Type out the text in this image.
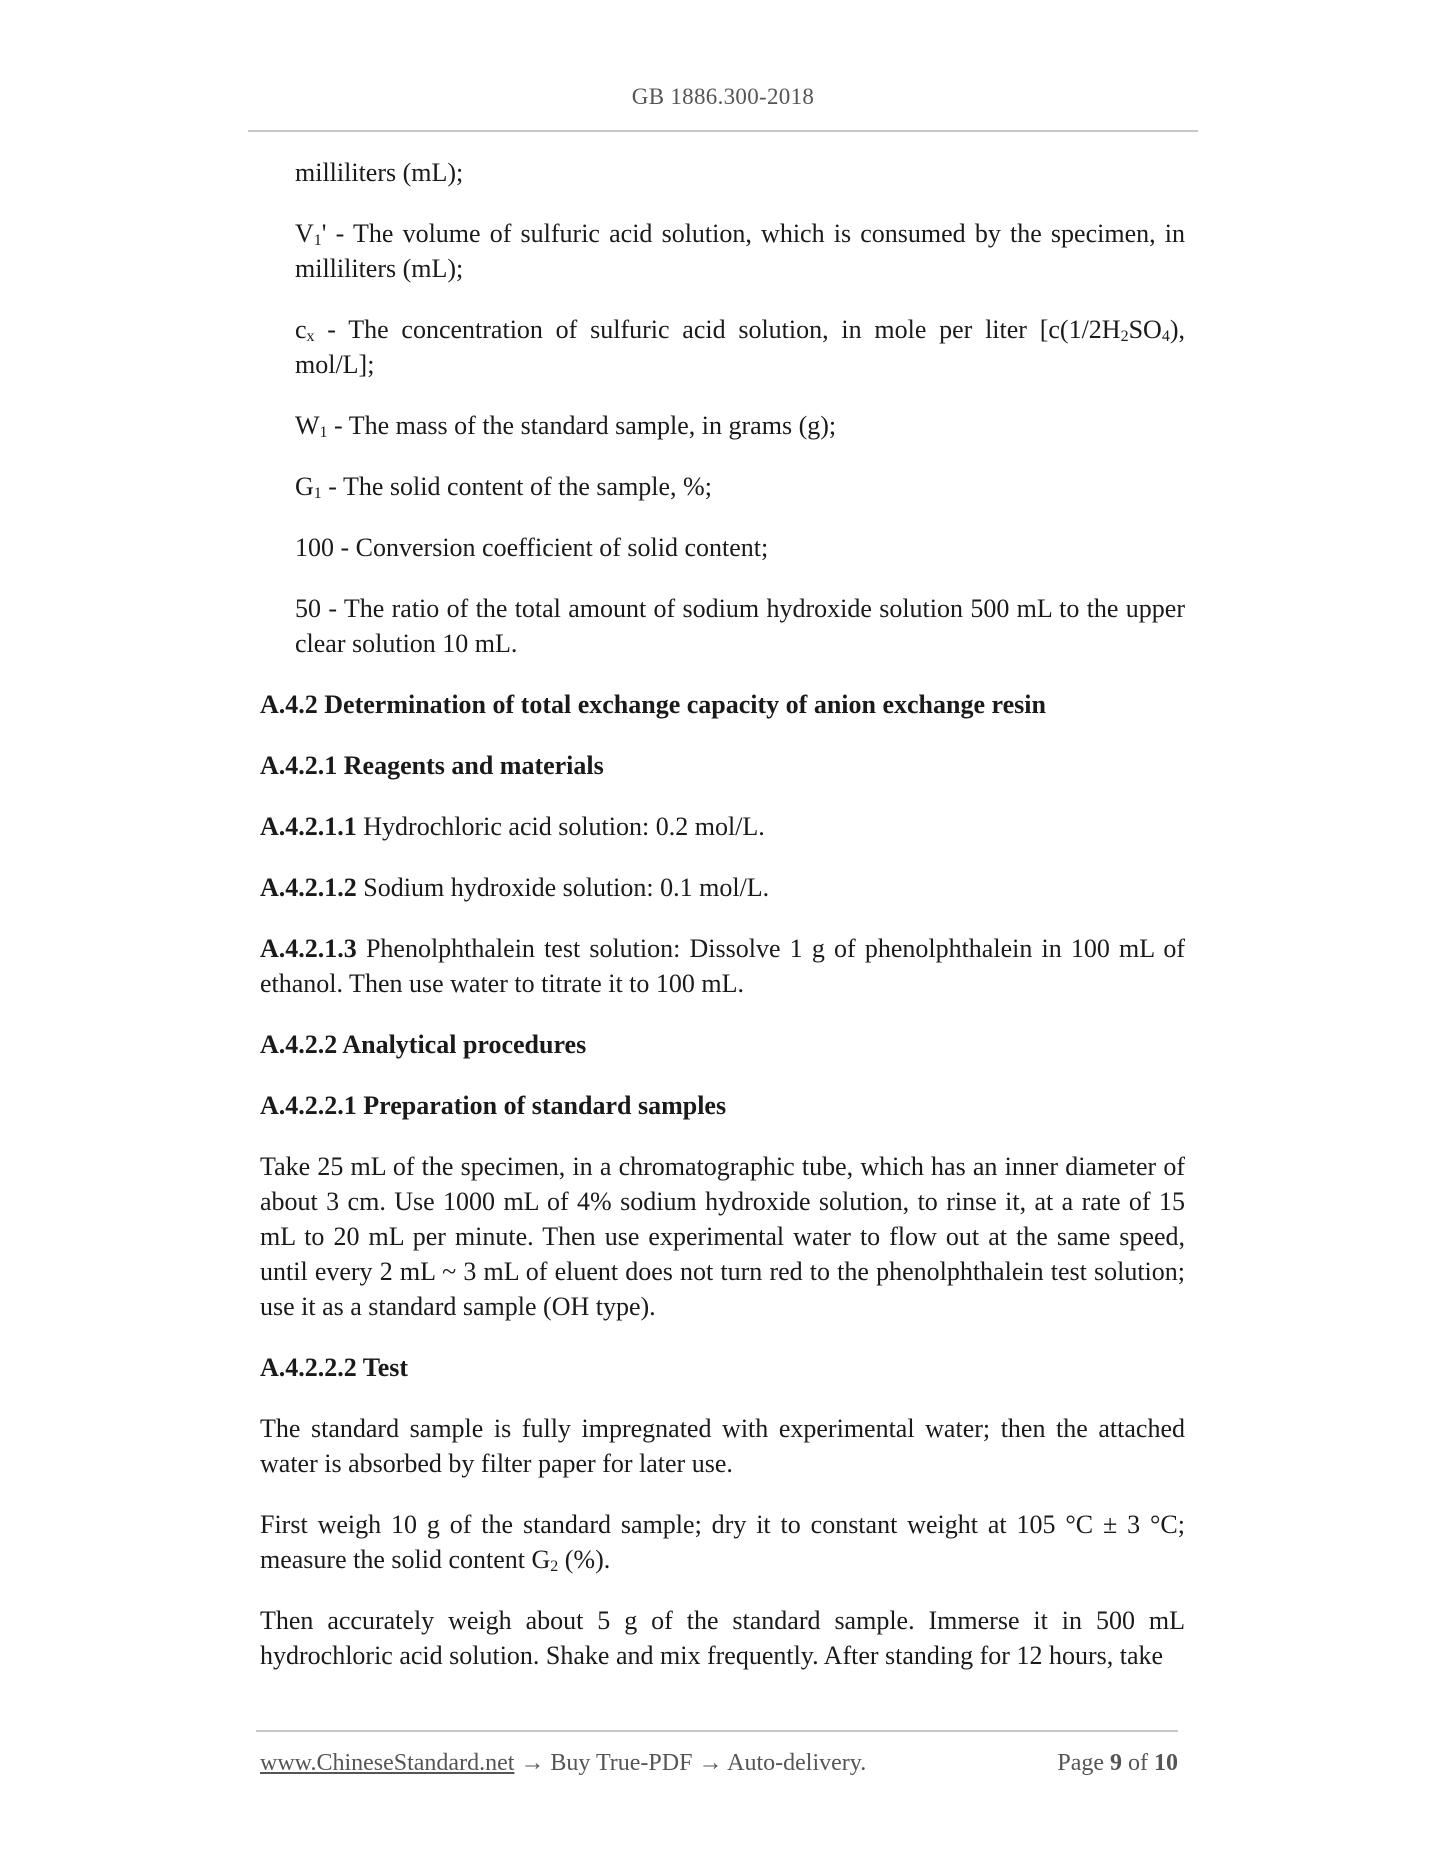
GB 1886.300-2018

milliliters (mL);

$V_1'$ - The volume of sulfuric acid solution, which is consumed by the specimen, in milliliters (mL);

$c_x$ - The concentration of sulfuric acid solution, in mole per liter [$c(1/2H_2SO_4)$, mol/L];

$W_1$ - The mass of the standard sample, in grams (g);

$G_1$ - The solid content of the sample, %;

100 - Conversion coefficient of solid content;

50 - The ratio of the total amount of sodium hydroxide solution 500 mL to the upper clear solution 10 mL.

A.4.2 Determination of total exchange capacity of anion exchange resin

A.4.2.1 Reagents and materials

A.4.2.1.1 Hydrochloric acid solution: 0.2 mol/L.

A.4.2.1.2 Sodium hydroxide solution: 0.1 mol/L.

A.4.2.1.3 Phenolphthalein test solution: Dissolve 1 g of phenolphthalein in 100 mL of ethanol. Then use water to titrate it to 100 mL.

A.4.2.2 Analytical procedures

A.4.2.2.1 Preparation of standard samples

Take 25 mL of the specimen, in a chromatographic tube, which has an inner diameter of about 3 cm. Use 1000 mL of 4% sodium hydroxide solution, to rinse it, at a rate of 15 mL to 20 mL per minute. Then use experimental water to flow out at the same speed, until every 2 mL ~ 3 mL of eluent does not turn red to the phenolphthalein test solution; use it as a standard sample (OH type).

A.4.2.2.2 Test

The standard sample is fully impregnated with experimental water; then the attached water is absorbed by filter paper for later use.

First weigh 10 g of the standard sample; dry it to constant weight at 105 °C ± 3 °C; measure the solid content $G_2$ (%).

Then accurately weigh about 5 g of the standard sample. Immerse it in 500 mL hydrochloric acid solution. Shake and mix frequently. After standing for 12 hours, take

www.ChineseStandard.net → Buy True-PDF → Auto-delivery.	Page 9 of 10
